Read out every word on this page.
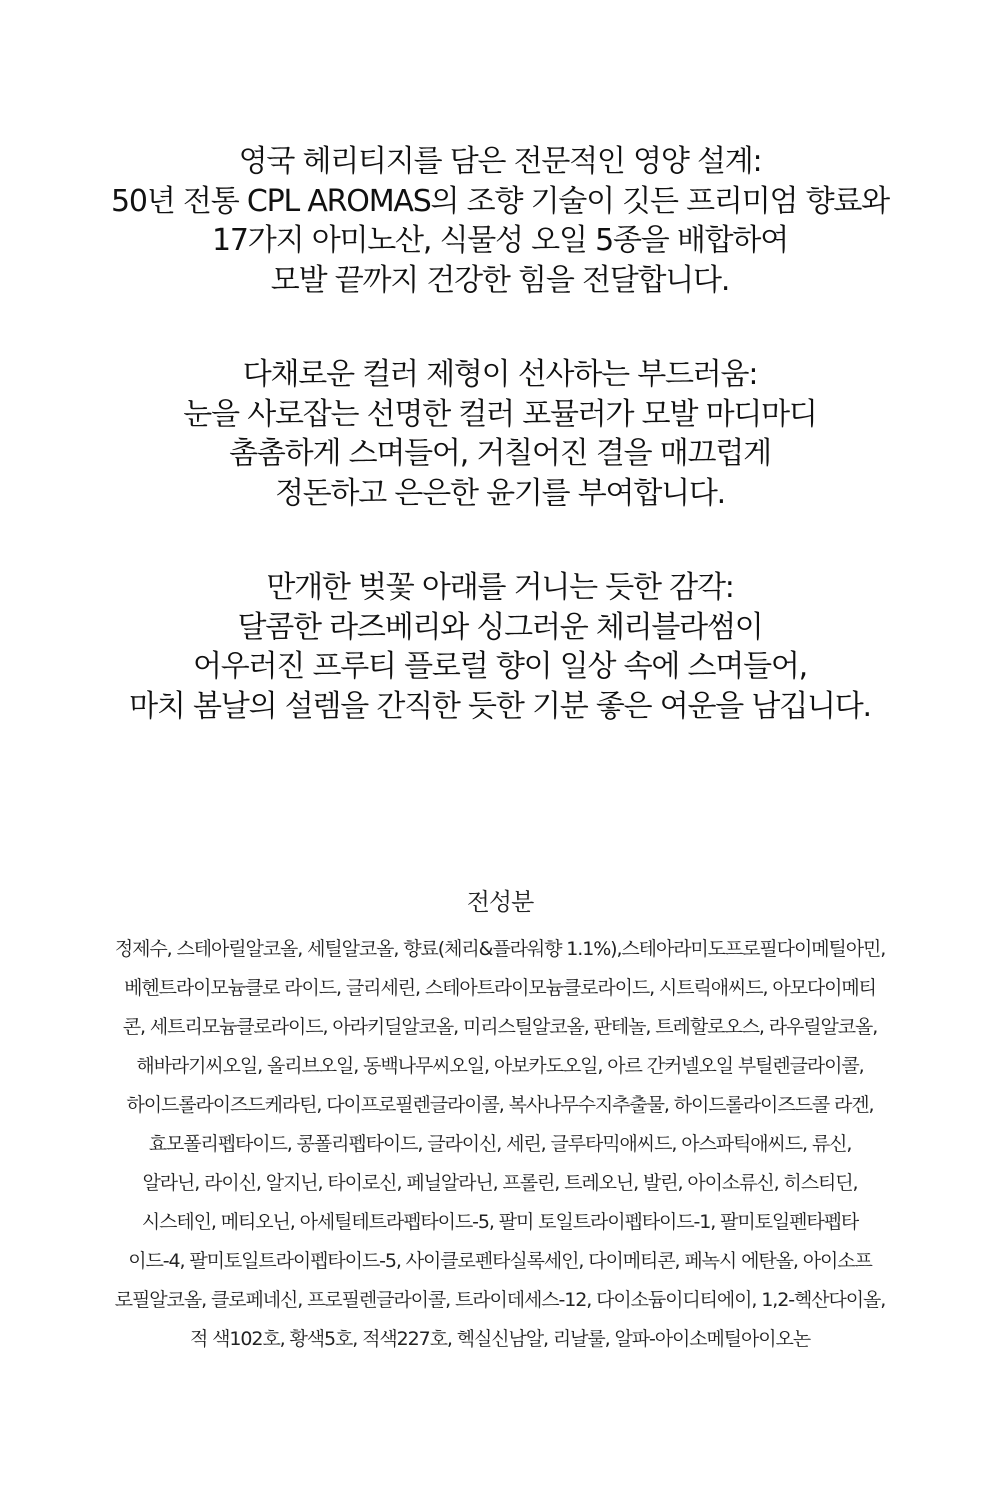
영국 헤리티지를 담은 전문적인 영양 설계:
50년 전통 CPL AROMAS의 조향 기술이 깃든 프리미엄 향료와
17가지 아미노산, 식물성 오일 5종을 배합하여
모발 끝까지 건강한 힘을 전달합니다.
다채로운 컬러 제형이 선사하는 부드러움:
눈을 사로잡는 선명한 컬러 포뮬러가 모발 마디마디
촘촘하게 스며들어, 거칠어진 결을 매끄럽게
정돈하고 은은한 윤기를 부여합니다.
만개한 벚꽃 아래를 거니는 듯한 감각:
달콤한 라즈베리와 싱그러운 체리블라썸이
어우러진 프루티 플로럴 향이 일상 속에 스며들어,
마치 봄날의 설렘을 간직한 듯한 기분 좋은 여운을 남깁니다.
전성분
정제수, 스테아릴알코올, 세틸알코올, 향료(체리&플라워향 1.1%),스테아라미도프로필다이메틸아민,
베헨트라이모늄클로 라이드, 글리세린, 스테아트라이모늄클로라이드, 시트릭애씨드, 아모다이메티
콘, 세트리모늄클로라이드, 아라키딜알코올, 미리스틸알코올, 판테놀, 트레할로오스, 라우릴알코올,
해바라기씨오일, 올리브오일, 동백나무씨오일, 아보카도오일, 아르 간커넬오일 부틸렌글라이콜,
하이드롤라이즈드케라틴, 다이프로필렌글라이콜, 복사나무수지추출물, 하이드롤라이즈드콜 라겐,
효모폴리펩타이드, 콩폴리펩타이드, 글라이신, 세린, 글루타믹애씨드, 아스파틱애씨드, 류신,
알라닌, 라이신, 알지닌, 타이로신, 페닐알라닌, 프롤린, 트레오닌, 발린, 아이소류신, 히스티딘,
시스테인, 메티오닌, 아세틸테트라펩타이드-5, 팔미 토일트라이펩타이드-1, 팔미토일펜타펩타
이드-4, 팔미토일트라이펩타이드-5, 사이클로펜타실록세인, 다이메티콘, 페녹시 에탄올, 아이소프
로필알코올, 클로페네신, 프로필렌글라이콜, 트라이데세스-12, 다이소듐이디티에이, 1,2-헥산다이올,
적 색102호, 황색5호, 적색227호, 헥실신남알, 리날룰, 알파-아이소메틸아이오논
